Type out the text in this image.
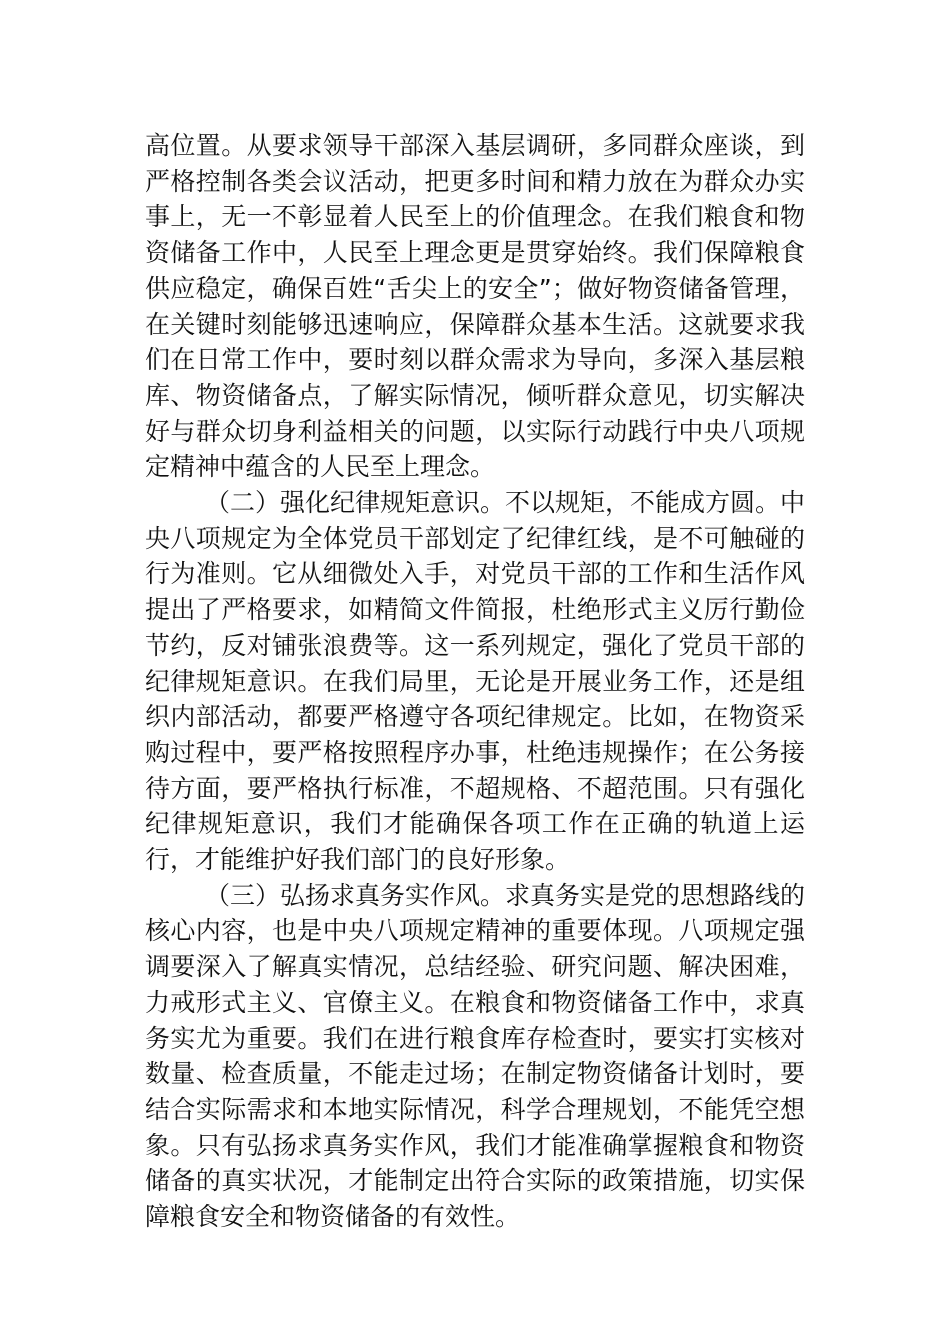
高位置。从要求领导干部深入基层调研，多同群众座谈，到严格控制各类会议活动，把更多时间和精力放在为群众办实事上，无一不彰显着人民至上的价值理念。在我们粮食和物资储备工作中，人民至上理念更是贯穿始终。我们保障粮食供应稳定，确保百姓“舌尖上的安全”；做好物资储备管理，在关键时刻能够迅速响应，保障群众基本生活。这就要求我们在日常工作中，要时刻以群众需求为导向，多深入基层粮库、物资储备点，了解实际情况，倾听群众意见，切实解决好与群众切身利益相关的问题，以实际行动践行中央八项规定精神中蕴含的人民至上理念。

（二）强化纪律规矩意识。不以规矩，不能成方圆。中央八项规定为全体党员干部划定了纪律红线，是不可触碰的行为准则。它从细微处入手，对党员干部的工作和生活作风提出了严格要求，如精简文件简报，杜绝形式主义厉行勤俭节约，反对铺张浪费等。这一系列规定，强化了党员干部的纪律规矩意识。在我们局里，无论是开展业务工作，还是组织内部活动，都要严格遵守各项纪律规定。比如，在物资采购过程中，要严格按照程序办事，杜绝违规操作；在公务接待方面，要严格执行标准，不超规格、不超范围。只有强化纪律规矩意识，我们才能确保各项工作在正确的轨道上运行，才能维护好我们部门的良好形象。

（三）弘扬求真务实作风。求真务实是党的思想路线的核心内容，也是中央八项规定精神的重要体现。八项规定强调要深入了解真实情况，总结经验、研究问题、解决困难，力戒形式主义、官僚主义。在粮食和物资储备工作中，求真务实尤为重要。我们在进行粮食库存检查时，要实打实核对数量、检查质量，不能走过场；在制定物资储备计划时，要结合实际需求和本地实际情况，科学合理规划，不能凭空想象。只有弘扬求真务实作风，我们才能准确掌握粮食和物资储备的真实状况，才能制定出符合实际的政策措施，切实保障粮食安全和物资储备的有效性。
